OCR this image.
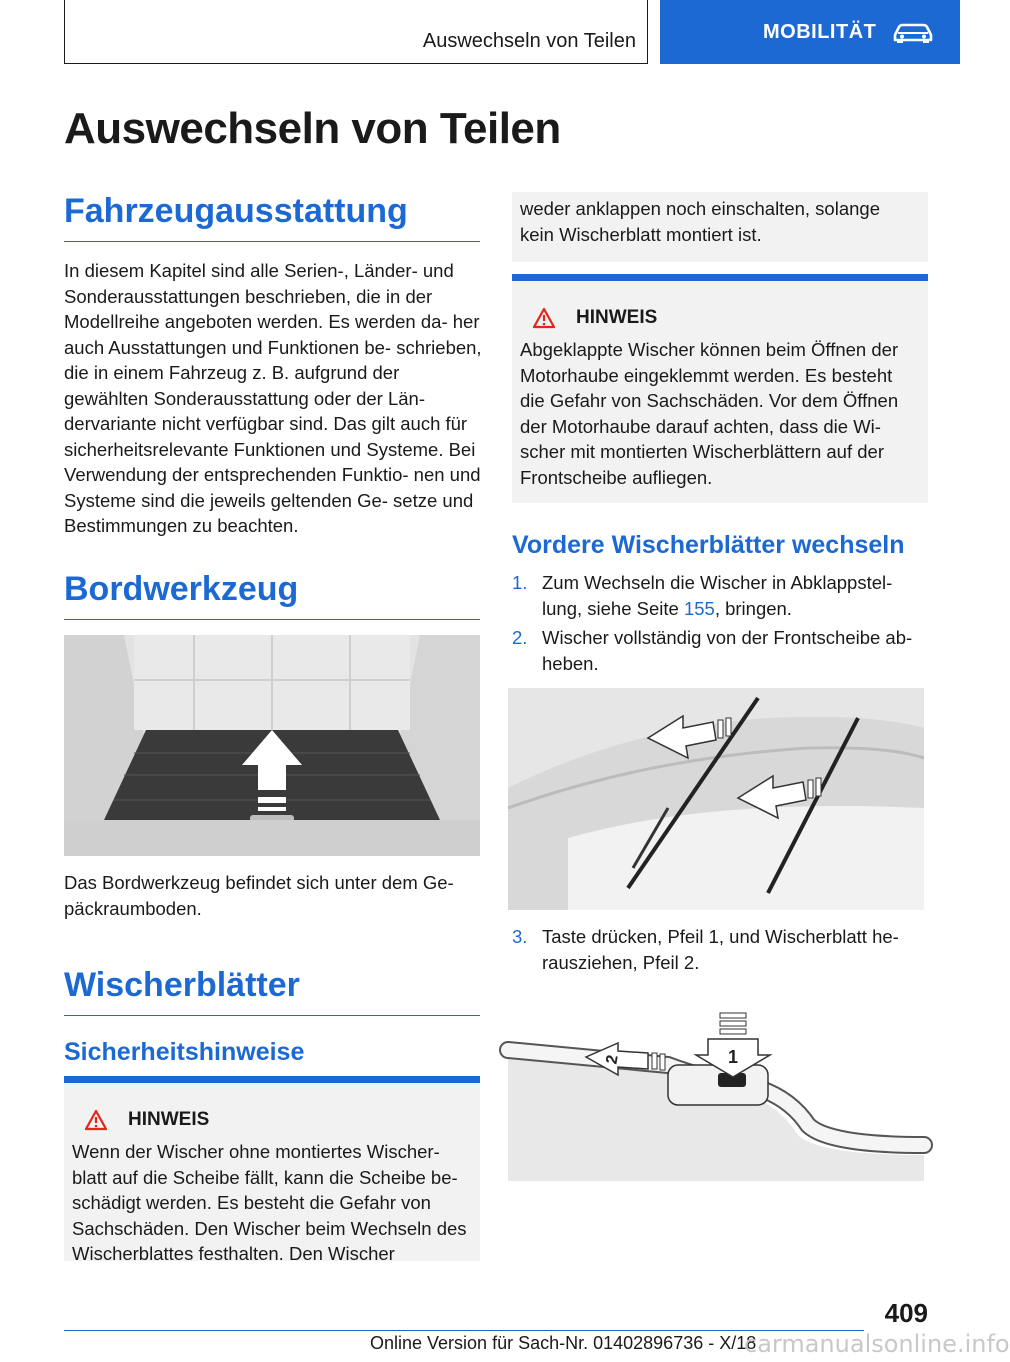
Auswechseln von Teilen	MOBILITÄT
Auswechseln von Teilen
Fahrzeugausstattung
In diesem Kapitel sind alle Serien-, Länder- und Sonderausstattungen beschrieben, die in der Modellreihe angeboten werden. Es werden da‐ her auch Ausstattungen und Funktionen be‐ schrieben, die in einem Fahrzeug z. B. aufgrund der gewählten Sonderausstattung oder der Län‐ dervariante nicht verfügbar sind. Das gilt auch für sicherheitsrelevante Funktionen und Systeme. Bei Verwendung der entsprechenden Funktio‐ nen und Systeme sind die jeweils geltenden Ge‐ setze und Bestimmungen zu beachten.
Bordwerkzeug
Das Bordwerkzeug befindet sich unter dem Ge‐ päckraumboden.
Wischerblätter
Sicherheitshinweise
HINWEIS
Wenn der Wischer ohne montiertes Wischer‐ blatt auf die Scheibe fällt, kann die Scheibe be‐ schädigt werden. Es besteht die Gefahr von Sachschäden. Den Wischer beim Wechseln des Wischerblattes festhalten. Den Wischer
weder anklappen noch einschalten, solange kein Wischerblatt montiert ist.
HINWEIS
Abgeklappte Wischer können beim Öffnen der Motorhaube eingeklemmt werden. Es besteht die Gefahr von Sachschäden. Vor dem Öffnen der Motorhaube darauf achten, dass die Wi‐ scher mit montierten Wischerblättern auf der Frontscheibe aufliegen.
Vordere Wischerblätter wechseln
1. Zum Wechseln die Wischer in Abklappstel‐ lung, siehe Seite 155, bringen.
2. Wischer vollständig von der Frontscheibe ab‐ heben.
3. Taste drücken, Pfeil 1, und Wischerblatt he‐ rausziehen, Pfeil 2.
1
2
409
Online Version für Sach-Nr. 01402896736 - X/18
carmanualsonline.info
